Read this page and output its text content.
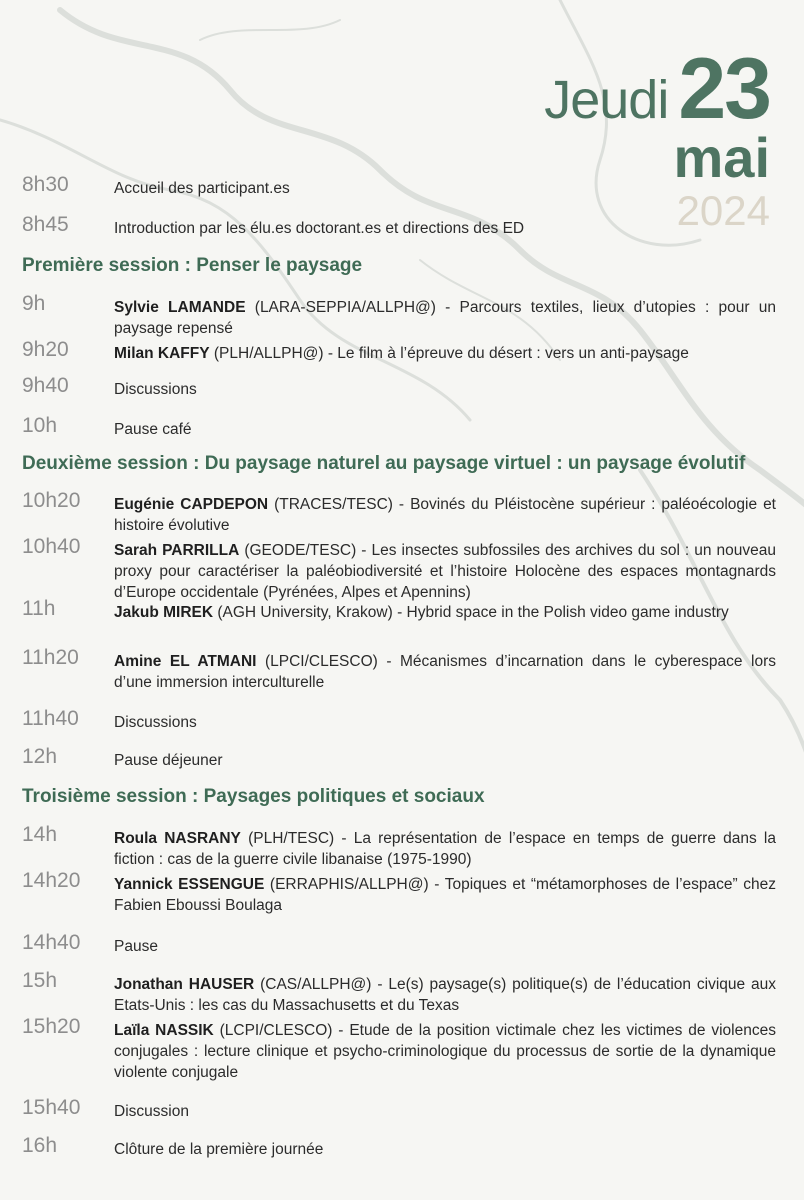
Jeudi 23
mai
2024
8h30	Accueil des participant.es
8h45	Introduction par les élu.es doctorant.es et directions des ED
Première session : Penser le paysage
9h	Sylvie LAMANDE (LARA-SEPPIA/ALLPH@) - Parcours textiles, lieux d’utopies : pour un paysage repensé
9h20	Milan KAFFY (PLH/ALLPH@) - Le film à l’épreuve du désert : vers un anti-paysage
9h40	Discussions
10h	Pause café
Deuxième session : Du paysage naturel au paysage virtuel : un paysage évolutif
10h20 Eugénie CAPDEPON (TRACES/TESC) - Bovinés du Pléistocène supérieur : paléoécologie et histoire évolutive
10h40 Sarah PARRILLA (GEODE/TESC) - Les insectes subfossiles des archives du sol : un nouveau proxy pour caractériser la paléobiodiversité et l’histoire Holocène des espaces montagnards d’Europe occidentale (Pyrénées, Alpes et Apennins)
11h	Jakub MIREK (AGH University, Krakow) - Hybrid space in the Polish video game industry
11h20 Amine EL ATMANI (LPCI/CLESCO) - Mécanismes d’incarnation dans le cyberespace lors d’une immersion interculturelle
11h40 Discussions
12h	Pause déjeuner
Troisième session : Paysages politiques et sociaux
14h	Roula NASRANY (PLH/TESC) - La représentation de l’espace en temps de guerre dans la fiction : cas de la guerre civile libanaise (1975-1990)
14h20 Yannick ESSENGUE (ERRAPHIS/ALLPH@) - Topiques et “métamorphoses de l’espace” chez Fabien Eboussi Boulaga
14h40 Pause
15h	Jonathan HAUSER (CAS/ALLPH@) - Le(s) paysage(s) politique(s) de l’éducation civique aux Etats-Unis : les cas du Massachusetts et du Texas
15h20 Laïla NASSIK (LCPI/CLESCO) - Etude de la position victimale chez les victimes de violences conjugales : lecture clinique et psycho-criminologique du processus de sortie de la dynamique violente conjugale
15h40 Discussion
16h	Clôture de la première journée
